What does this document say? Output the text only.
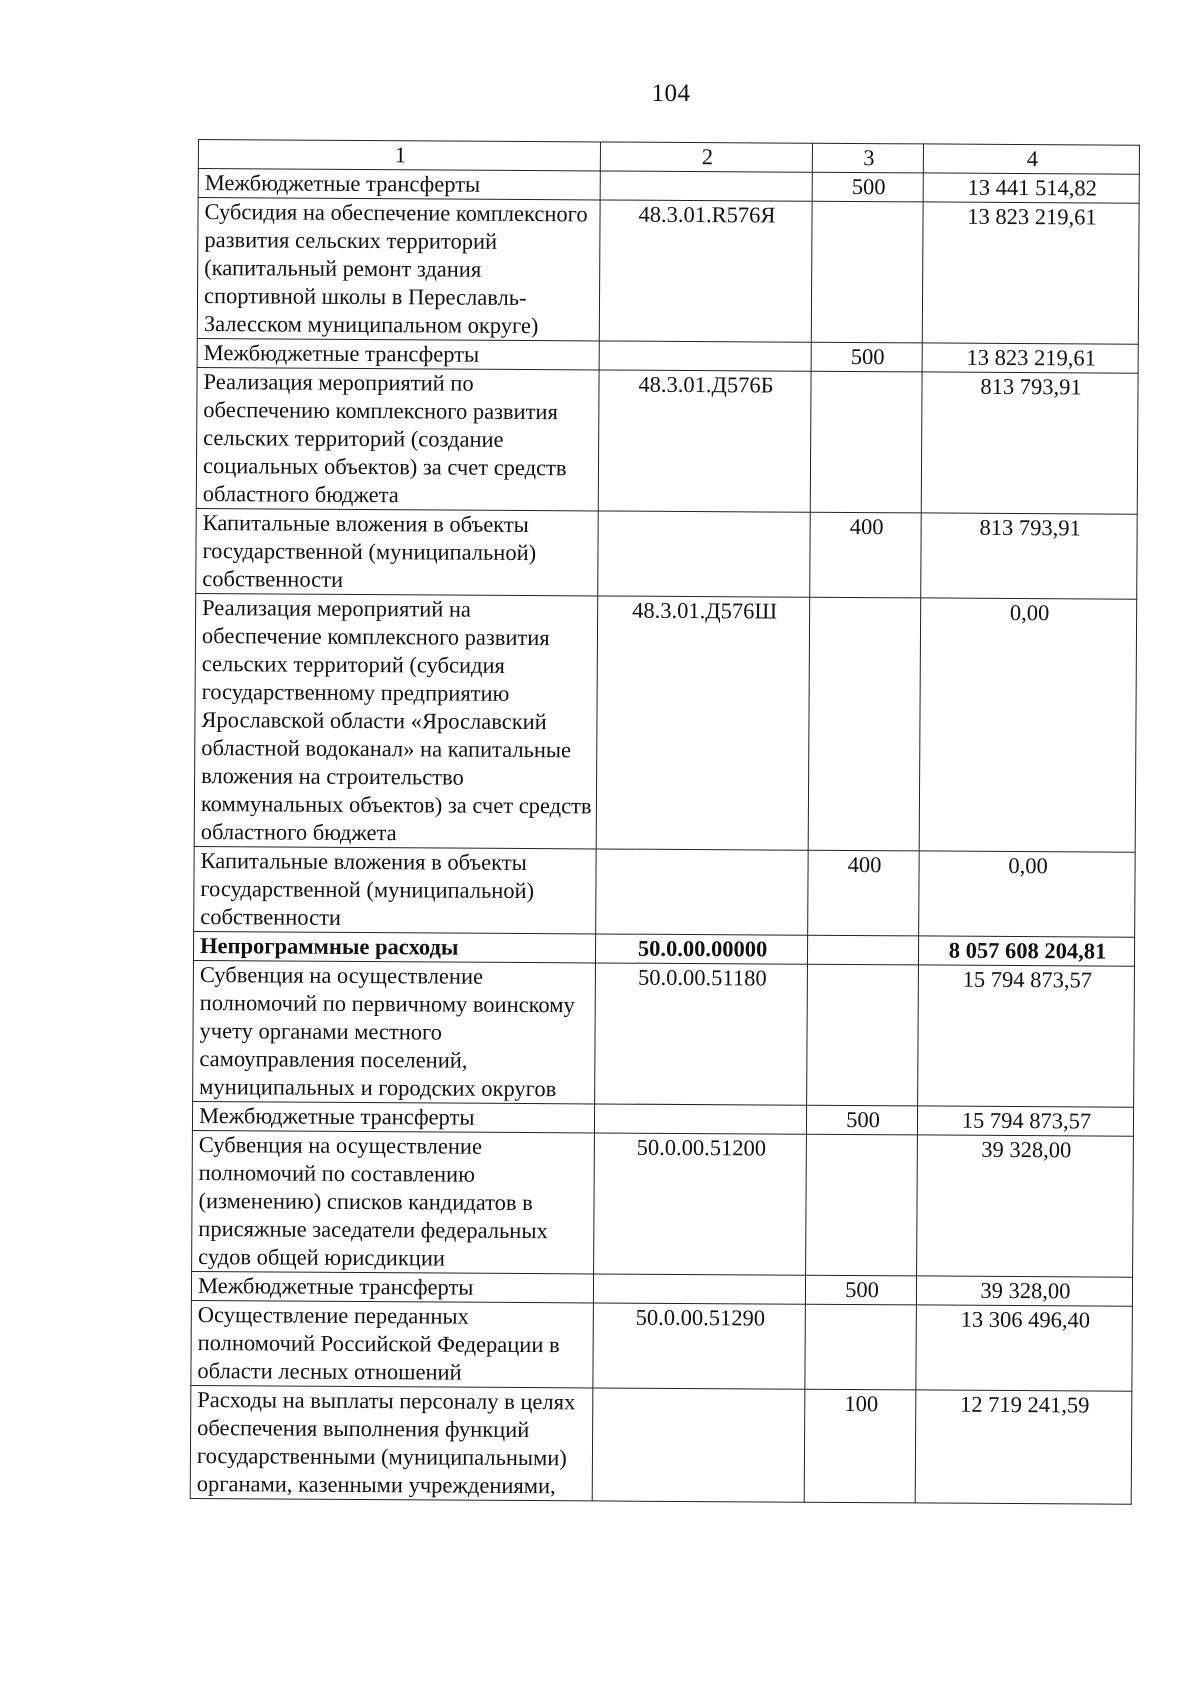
104
1	2	3	4
Межбюджетные трансферты		500	13 441 514,82
Субсидия на обеспечение комплексного развития сельских территорий (капитальный ремонт здания спортивной школы в Переславль-Залесском муниципальном округе)	48.3.01.R576Я		13 823 219,61
Межбюджетные трансферты		500	13 823 219,61
Реализация мероприятий по обеспечению комплексного развития сельских территорий (создание социальных объектов) за счет средств областного бюджета	48.3.01.Д576Б		813 793,91
Капитальные вложения в объекты государственной (муниципальной) собственности		400	813 793,91
Реализация мероприятий на обеспечение комплексного развития сельских территорий (субсидия государственному предприятию Ярославской области «Ярославский областной водоканал» на капитальные вложения на строительство коммунальных объектов) за счет средств областного бюджета	48.3.01.Д576Ш		0,00
Капитальные вложения в объекты государственной (муниципальной) собственности		400	0,00
Непрограммные расходы	50.0.00.00000		8 057 608 204,81
Субвенция на осуществление полномочий по первичному воинскому учету органами местного самоуправления поселений, муниципальных и городских округов	50.0.00.51180		15 794 873,57
Межбюджетные трансферты		500	15 794 873,57
Субвенция на осуществление полномочий по составлению (изменению) списков кандидатов в присяжные заседатели федеральных судов общей юрисдикции	50.0.00.51200		39 328,00
Межбюджетные трансферты		500	39 328,00
Осуществление переданных полномочий Российской Федерации в области лесных отношений	50.0.00.51290		13 306 496,40
Расходы на выплаты персоналу в целях обеспечения выполнения функций государственными (муниципальными) органами, казенными учреждениями,		100	12 719 241,59
